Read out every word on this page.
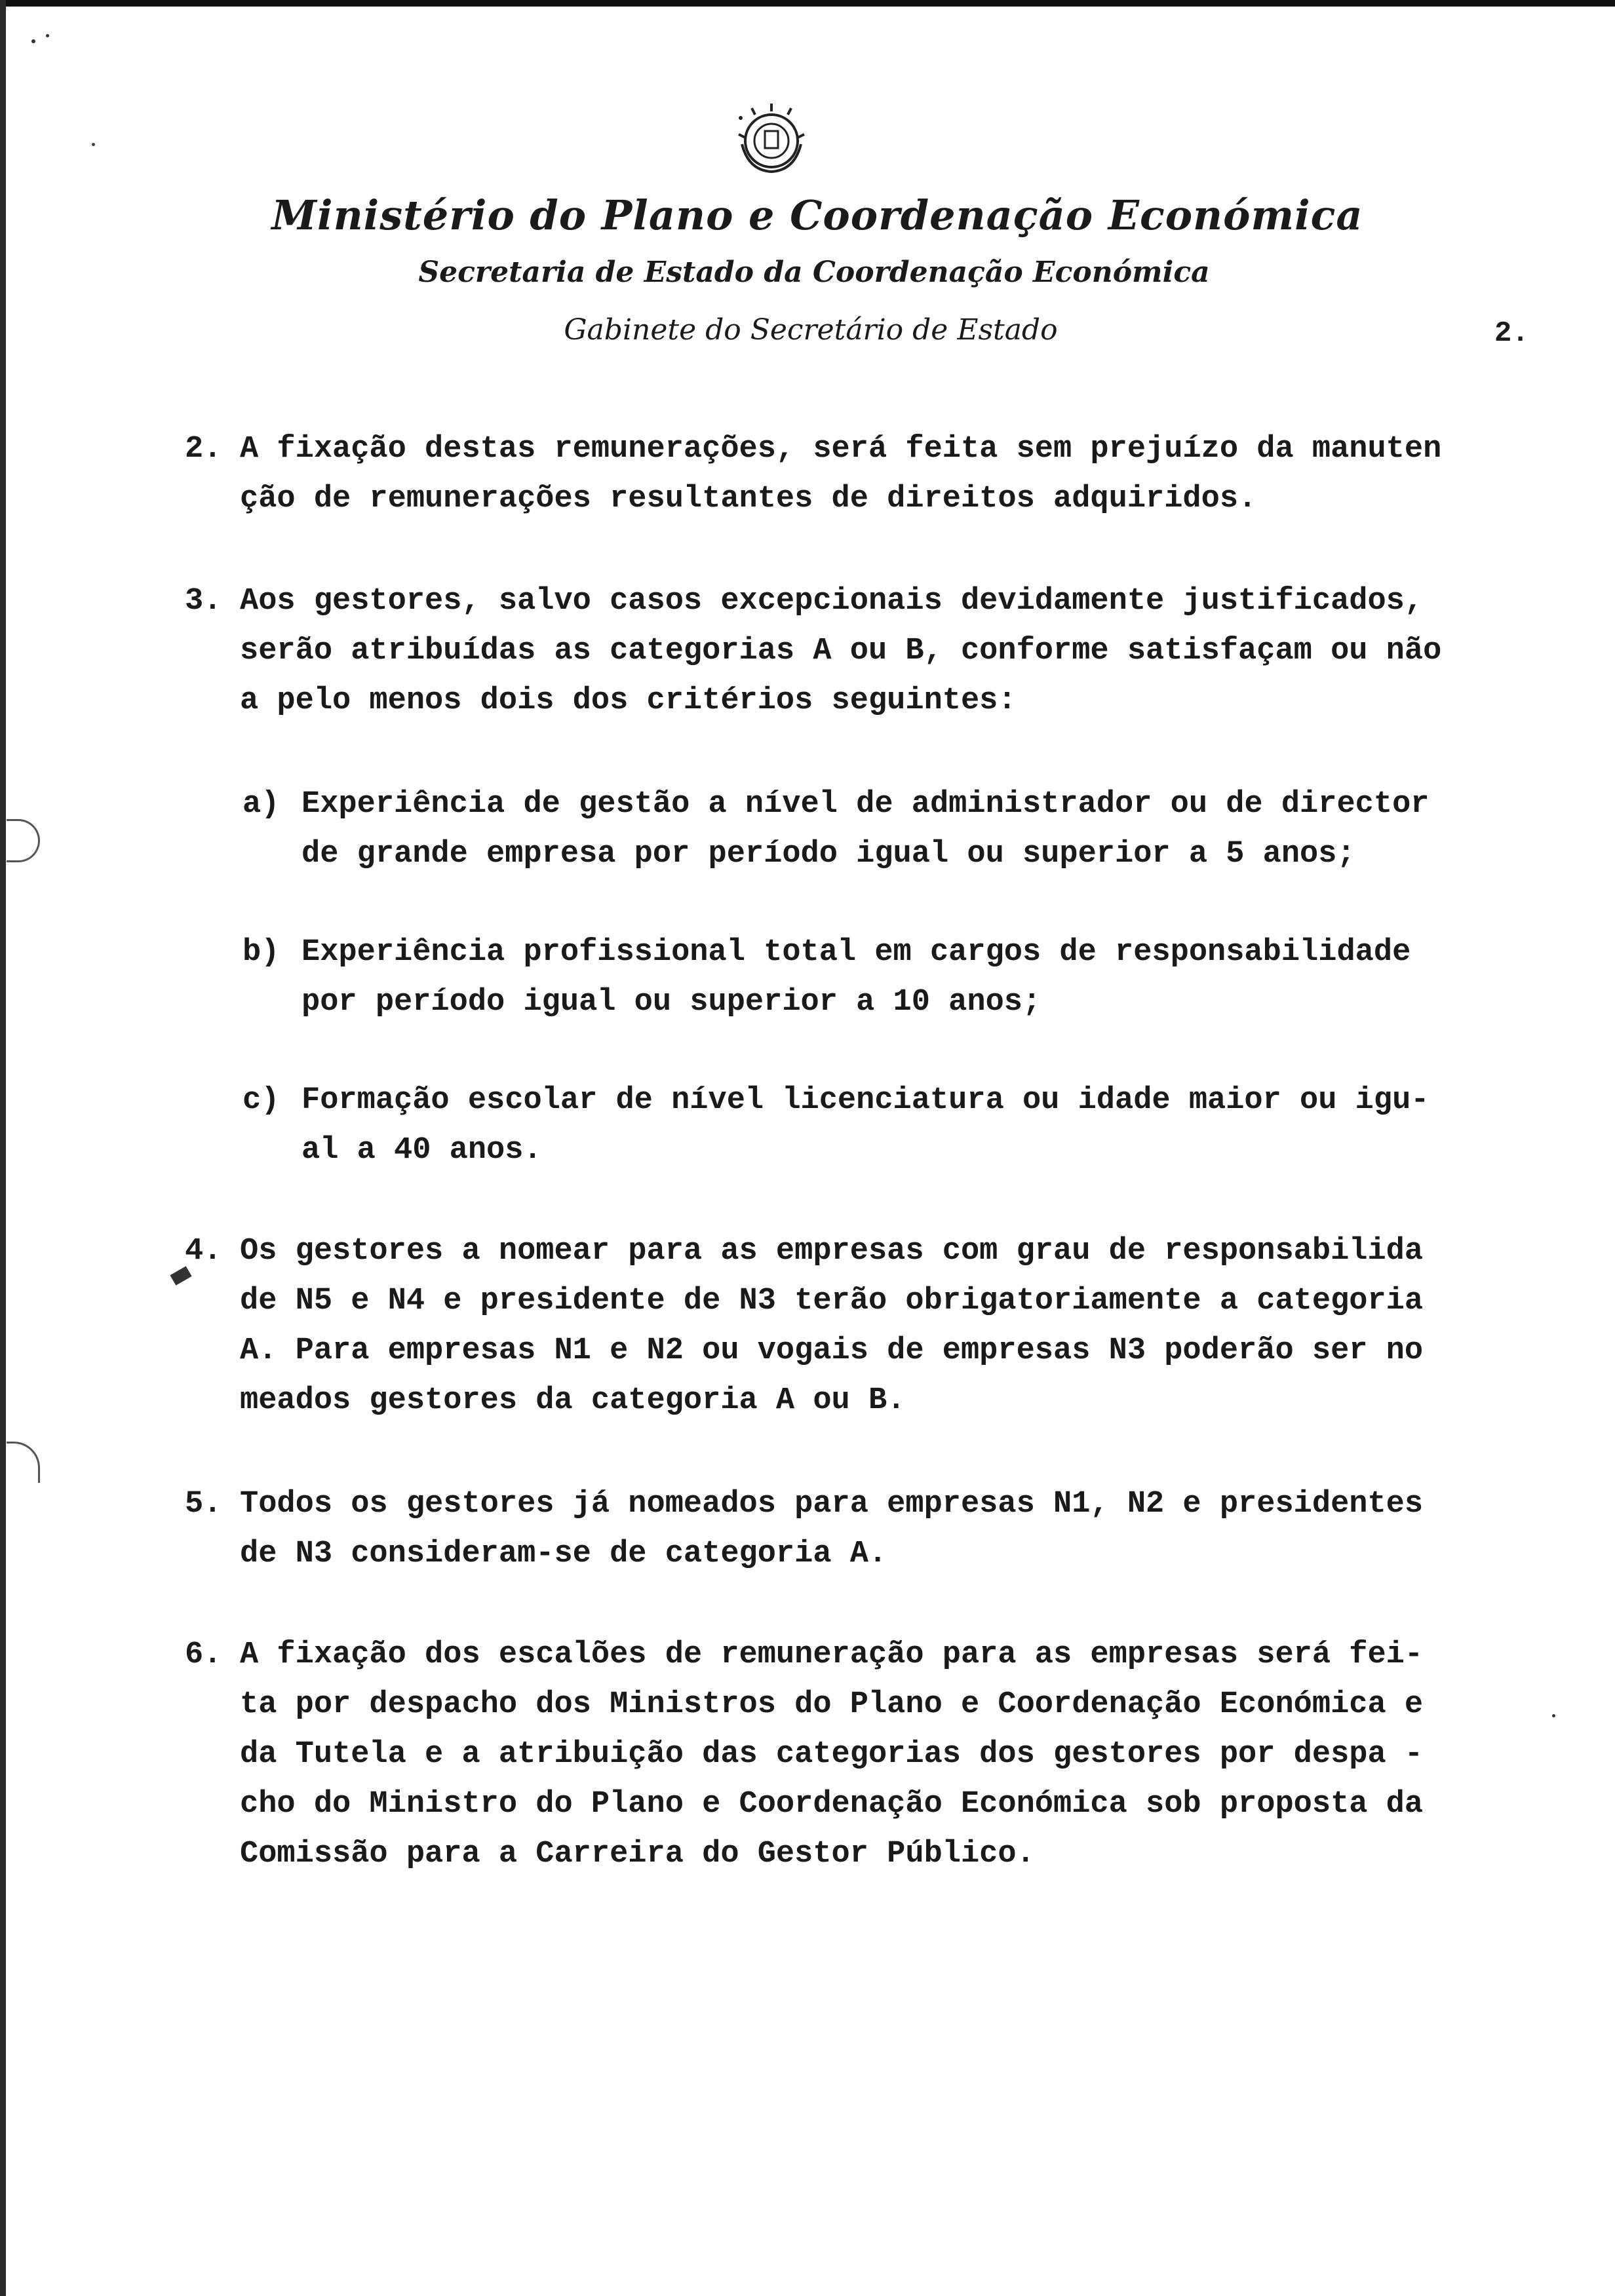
Ministério do Plano e Coordenação Económica
Secretaria de Estado da Coordenação Económica
Gabinete do Secretário de Estado	2.
2. A fixação destas remunerações, será feita sem prejuízo da manuten
ção de remunerações resultantes de direitos adquiridos.
3. Aos gestores, salvo casos excepcionais devidamente justificados,
serão atribuídas as categorias A ou B, conforme satisfaçam ou não
a pelo menos dois dos critérios seguintes:
a) Experiência de gestão a nível de administrador ou de director
de grande empresa por período igual ou superior a 5 anos;
b) Experiência profissional total em cargos de responsabilidade
por período igual ou superior a 10 anos;
c) Formação escolar de nível licenciatura ou idade maior ou igu-
al a 40 anos.
4. Os gestores a nomear para as empresas com grau de responsabilida
de N5 e N4 e presidente de N3 terão obrigatoriamente a categoria
A. Para empresas N1 e N2 ou vogais de empresas N3 poderão ser no
meados gestores da categoria A ou B.
5. Todos os gestores já nomeados para empresas N1, N2 e presidentes
de N3 consideram-se de categoria A.
6. A fixação dos escalões de remuneração para as empresas será fei-
ta por despacho dos Ministros do Plano e Coordenação Económica e
da Tutela e a atribuição das categorias dos gestores por despa -
cho do Ministro do Plano e Coordenação Económica sob proposta da
Comissão para a Carreira do Gestor Público.
